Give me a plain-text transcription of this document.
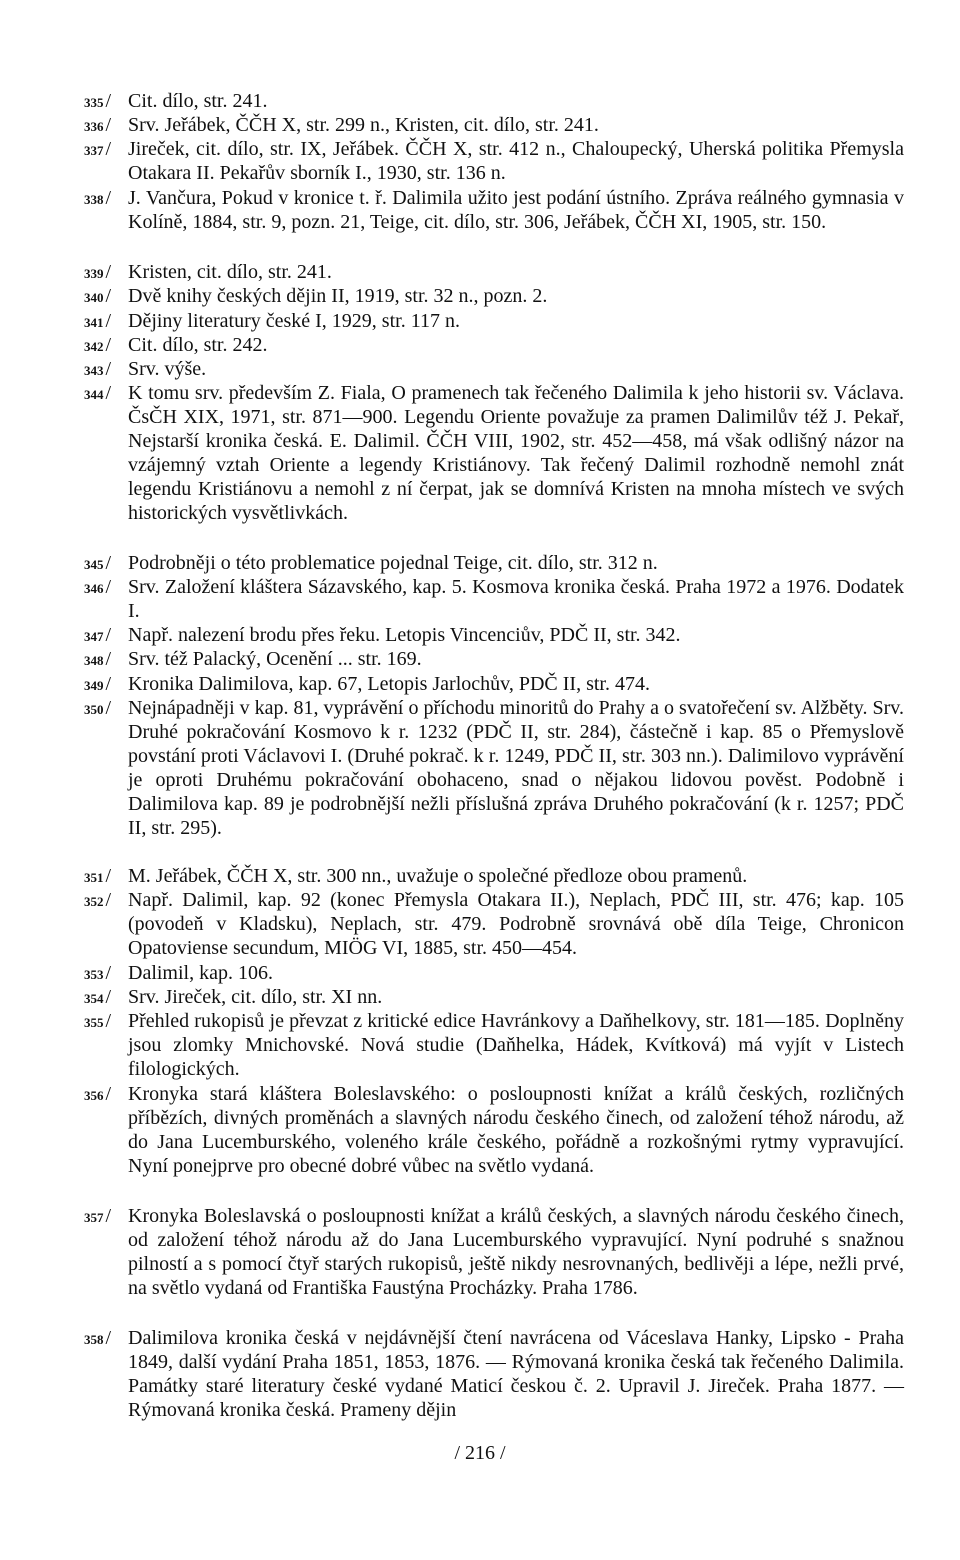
335 /	Cit. dílo, str. 241.
336 /	Srv. Jeřábek, ČČH X, str. 299 n., Kristen, cit. dílo, str. 241.
337 /	Jireček, cit. dílo, str. IX, Jeřábek. ČČH X, str. 412 n., Chaloupecký, Uherská politika Přemysla Otakara II. Pekařův sborník I., 1930, str. 136 n.
338 /	J. Vančura, Pokud v kronice t. ř. Dalimila užito jest podání ústního. Zpráva reálného gymnasia v Kolíně, 1884, str. 9, pozn. 21, Teige, cit. dílo, str. 306, Jeřábek, ČČH XI, 1905, str. 150.
339 /	Kristen, cit. dílo, str. 241.
340 /	Dvě knihy českých dějin II, 1919, str. 32 n., pozn. 2.
341 /	Dějiny literatury české I, 1929, str. 117 n.
342 /	Cit. dílo, str. 242.
343 /	Srv. výše.
344 /	K tomu srv. především Z. Fiala, O pramenech tak řečeného Dalimila k jeho historii sv. Václava. ČsČH XIX, 1971, str. 871—900. Legendu Oriente považuje za pramen Dalimilův též J. Pekař, Nejstarší kronika česká. E. Dalimil. ČČH VIII, 1902, str. 452—458, má však odlišný názor na vzájemný vztah Oriente a legendy Kristiánovy. Tak řečený Dalimil rozhodně nemohl znát legendu Kristiánovu a nemohl z ní čerpat, jak se domnívá Kristen na mnoha místech ve svých historických vysvětlivkách.
345 /	Podrobněji o této problematice pojednal Teige, cit. dílo, str. 312 n.
346 /	Srv. Založení kláštera Sázavského, kap. 5. Kosmova kronika česká. Praha 1972 a 1976. Dodatek I.
347 /	Např. nalezení brodu přes řeku. Letopis Vincenciův, PDČ II, str. 342.
348 /	Srv. též Palacký, Ocenění ... str. 169.
349 /	Kronika Dalimilova, kap. 67, Letopis Jarlochův, PDČ II, str. 474.
350 /	Nejnápadněji v kap. 81, vyprávění o příchodu minoritů do Prahy a o svatořečení sv. Alžběty. Srv. Druhé pokračování Kosmovo k r. 1232 (PDČ II, str. 284), částečně i kap. 85 o Přemyslově povstání proti Václavovi I. (Druhé pokrač. k r. 1249, PDČ II, str. 303 nn.). Dalimilovo vyprávění je oproti Druhému pokračování obohaceno, snad o nějakou lidovou pověst. Podobně i Dalimilova kap. 89 je podrobnější nežli příslušná zpráva Druhého pokračování (k r. 1257; PDČ II, str. 295).
351 /	M. Jeřábek, ČČH X, str. 300 nn., uvažuje o společné předloze obou pramenů.
352 /	Např. Dalimil, kap. 92 (konec Přemysla Otakara II.), Neplach, PDČ III, str. 476; kap. 105 (povodeň v Kladsku), Neplach, str. 479. Podrobně srovnává obě díla Teige, Chronicon Opatoviense secundum, MIÖG VI, 1885, str. 450—454.
353 /	Dalimil, kap. 106.
354 /	Srv. Jireček, cit. dílo, str. XI nn.
355 /	Přehled rukopisů je převzat z kritické edice Havránkovy a Daňhelkovy, str. 181—185. Doplněny jsou zlomky Mnichovské. Nová studie (Daňhelka, Hádek, Kvítková) má vyjít v Listech filologických.
356 /	Kronyka stará kláštera Boleslavského: o posloupnosti knížat a králů českých, rozličných příbězích, divných proměnách a slavných národu českého činech, od založení téhož národu, až do Jana Lucemburského, voleného krále českého, pořádně a rozkošnými rytmy vypravující. Nyní ponejprve pro obecné dobré vůbec na světlo vydaná.
357 /	Kronyka Boleslavská o posloupnosti knížat a králů českých, a slavných národu českého činech, od založení téhož národu až do Jana Lucemburského vypravující. Nyní podruhé s snažnou pilností a s pomocí čtyř starých rukopisů, ještě nikdy nesrovnaných, bedlivěji a lépe, nežli prvé, na světlo vydaná od Františka Faustýna Procházky. Praha 1786.
358 /	Dalimilova kronika česká v nejdávnější čtení navrácena od Váceslava Hanky, Lipsko - Praha 1849, další vydání Praha 1851, 1853, 1876. — Rýmovaná kronika česká tak řečeného Dalimila. Památky staré literatury české vydané Maticí českou č. 2. Upravil J. Jireček. Praha 1877. — Rýmovaná kronika česká. Prameny dějin
/ 216 /
